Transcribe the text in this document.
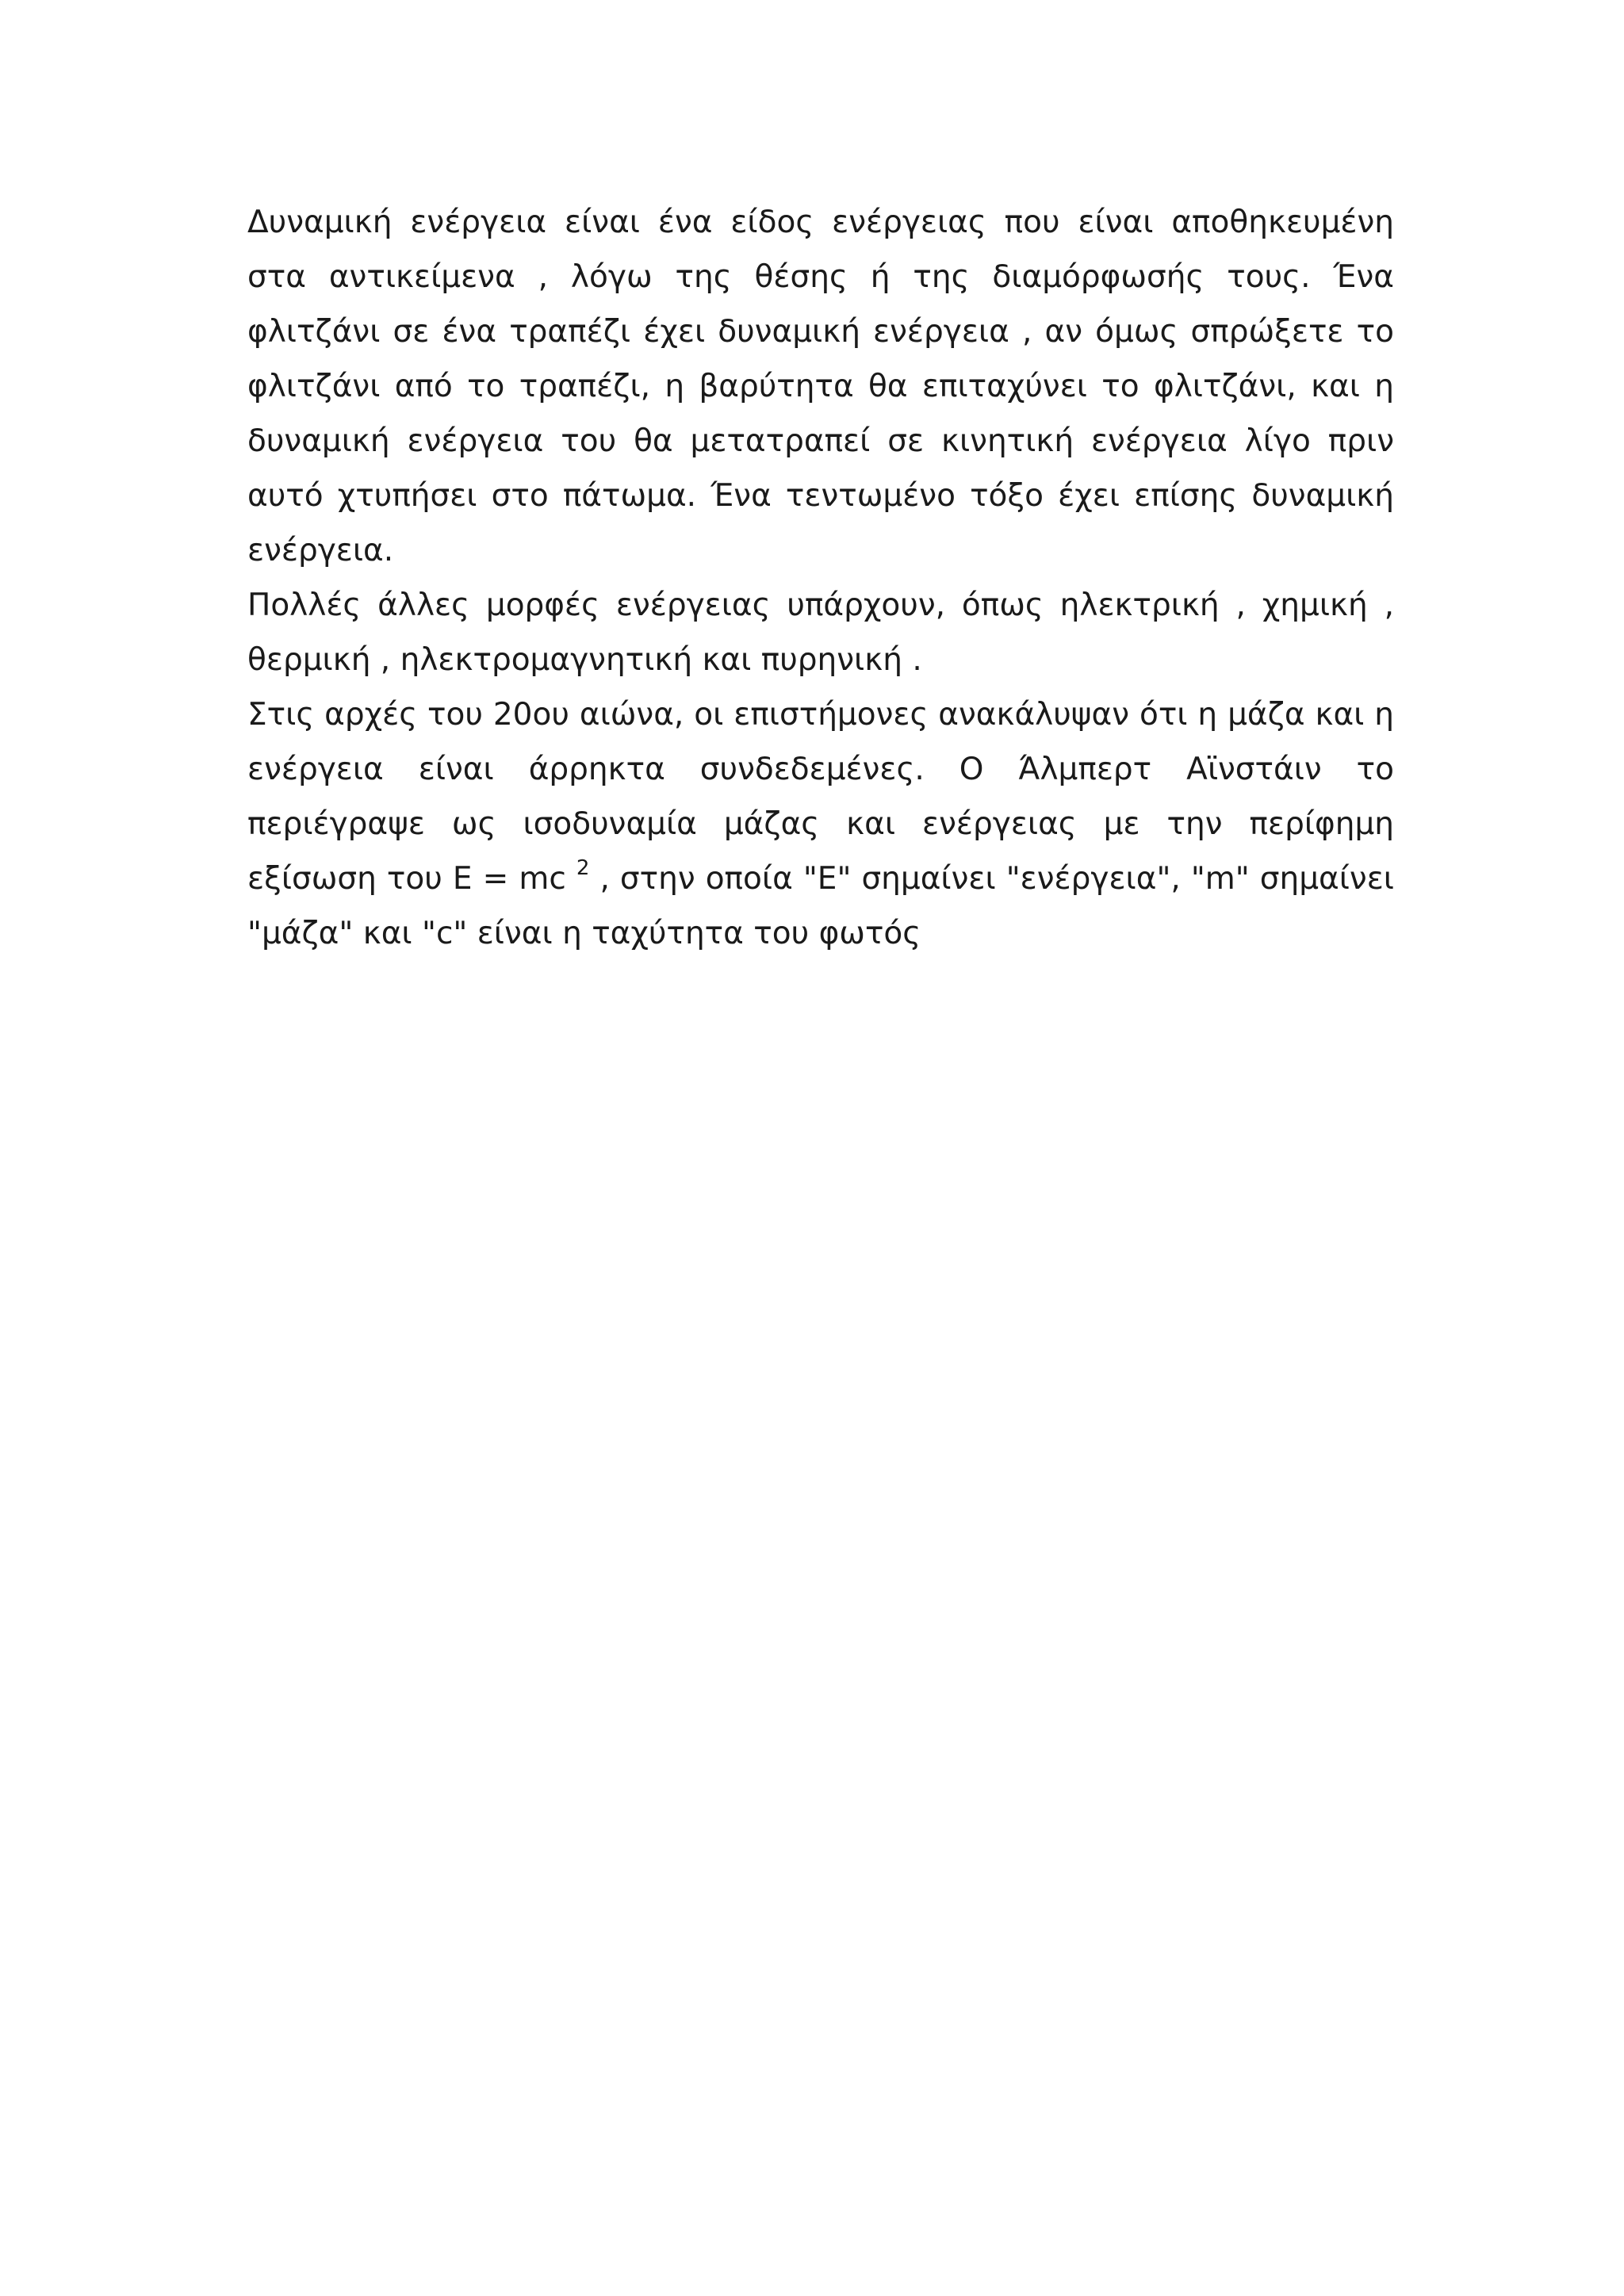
Δυναμική ενέργεια είναι ένα είδος ενέργειας που είναι αποθηκευμένη στα αντικείμενα , λόγω της θέσης ή της διαμόρφωσής τους. Ένα φλιτζάνι σε ένα τραπέζι έχει δυναμική ενέργεια , αν όμως σπρώξετε το φλιτζάνι από το τραπέζι, η βαρύτητα θα επιταχύνει το φλιτζάνι, και η δυναμική ενέργεια του θα μετατραπεί σε κινητική ενέργεια λίγο πριν αυτό χτυπήσει στο πάτωμα. Ένα τεντωμένο τόξο έχει επίσης δυναμική ενέργεια.

Πολλές άλλες μορφές ενέργειας υπάρχουν, όπως ηλεκτρική , χημική , θερμική , ηλεκτρομαγνητική και πυρηνική .

Στις αρχές του 20ου αιώνα, οι επιστήμονες ανακάλυψαν ότι η μάζα και η ενέργεια είναι άρρηκτα συνδεδεμένες. Ο Άλμπερτ Αϊνστάιν το περιέγραψε ως ισοδυναμία μάζας και ενέργειας με την περίφημη εξίσωση του E = mc $^2$ , στην οποία "E" σημαίνει "ενέργεια", "m" σημαίνει "μάζα" και "c" είναι η ταχύτητα του φωτός
